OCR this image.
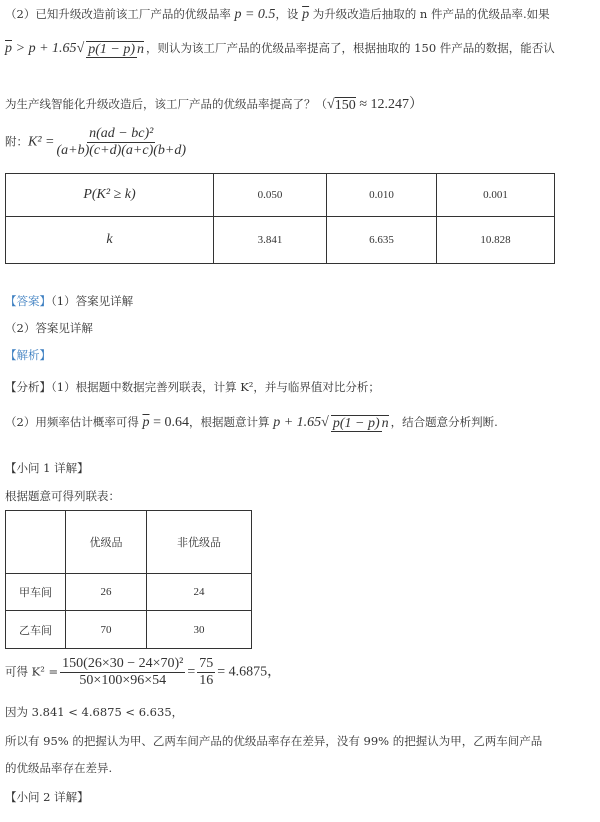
（2）已知升级改造前该工厂产品的优级品率 p = 0.5，设 $\overline{p}$ 为升级改造后抽取的 n 件产品的优级品率.如果
$\overline{p} > p + 1.65√$ p(1 − p) n ，则认为该工厂产品的优级品率提高了，根据抽取的 150 件产品的数据，能否认
为生产线智能化升级改造后，该工厂产品的优级品率提高了？（√150 ≈ 12.247）
附：$K^2 = \frac{\text{n(ad − bc)²}}{(a+b)(c+d)(a+c)(b+d)}$
P(K² ≥ k)	0.050	0.010	0.001
k	3.841	6.635	10.828
【答案】（1）答案见详解
（2）答案见详解
【解析】
【分析】（1）根据题中数据完善列联表，计算 K²，并与临界值对比分析；
（2）用频率估计概率可得 $\overline{p} = 0.64$，根据题意计算 p + 1.65√ p(1 − p) n ，结合题意分析判断.
【小问 1 详解】
根据题意可得列联表：
	优级品	非优级品
甲车间	26	24
乙车间	70	30
可得 $K^2 = \frac{\text{150(26×30 − 24×70)²}}{50\times 100\times 96\times 54} = \frac{75}{16} = 4.6875$，
因为 3.841 < 4.6875 < 6.635，
所以有 95% 的把握认为甲、乙两车间产品的优级品率存在差异，没有 99% 的把握认为甲，乙两车间产品
的优级品率存在差异.
【小问 2 详解】
